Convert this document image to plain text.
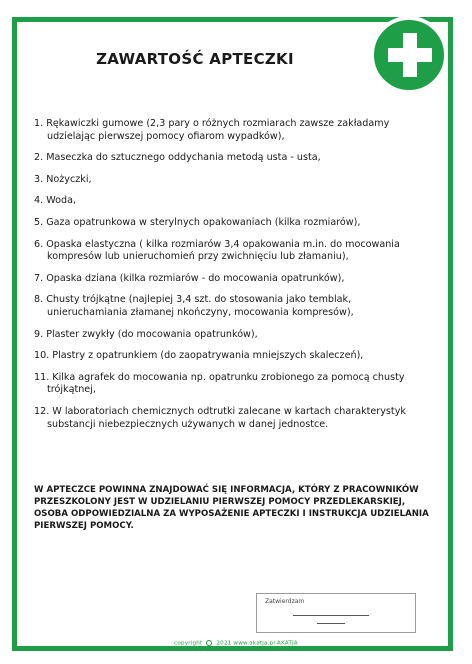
ZAWARTOŚĆ APTECZKI
1. Rękawiczki gumowe (2,3 pary o różnych rozmiarach zawsze zakładamy udzielając pierwszej pomocy ofiarom wypadków),
2. Maseczka do sztucznego oddychania metodą usta - usta,
3. Nożyczki,
4. Woda,
5. Gaza opatrunkowa w sterylnych opakowaniach (kilka rozmiarów),
6. Opaska elastyczna ( kilka rozmiarów 3,4 opakowania m.in. do mocowania kompresów lub unieruchomień przy zwichnięciu lub złamaniu),
7. Opaska dziana (kilka rozmiarów - do mocowania opatrunków),
8. Chusty trójkątne (najlepiej 3,4 szt. do stosowania jako temblak, unieruchamiania złamanej nkończyny, mocowania kompresów),
9. Plaster zwykły (do mocowania opatrunków),
10. Plastry z opatrunkiem (do zaopatrywania mniejszych skaleczeń),
11. Kilka agrafek do mocowania np. opatrunku zrobionego za pomocą chusty trójkątnej,
12. W laboratoriach chemicznych odtrutki zalecane w kartach charakterystyk substancji niebezpiecznych używanych w danej jednostce.

W APTECZCE POWINNA ZNAJDOWAĆ SIĘ INFORMACJA, KTÓRY Z PRACOWNIKÓW PRZESZKOLONY JEST W UDZIELANIU PIERWSZEJ POMOCY PRZEDLEKARSKIEJ, OSOBA ODPOWIEDZIALNA ZA WYPOSAŻENIE APTECZKI I INSTRUKCJA UDZIELANIA PIERWSZEJ POMOCY.

Zatwierdzam
copyright 2021 www.akatja.pl AKATJA
